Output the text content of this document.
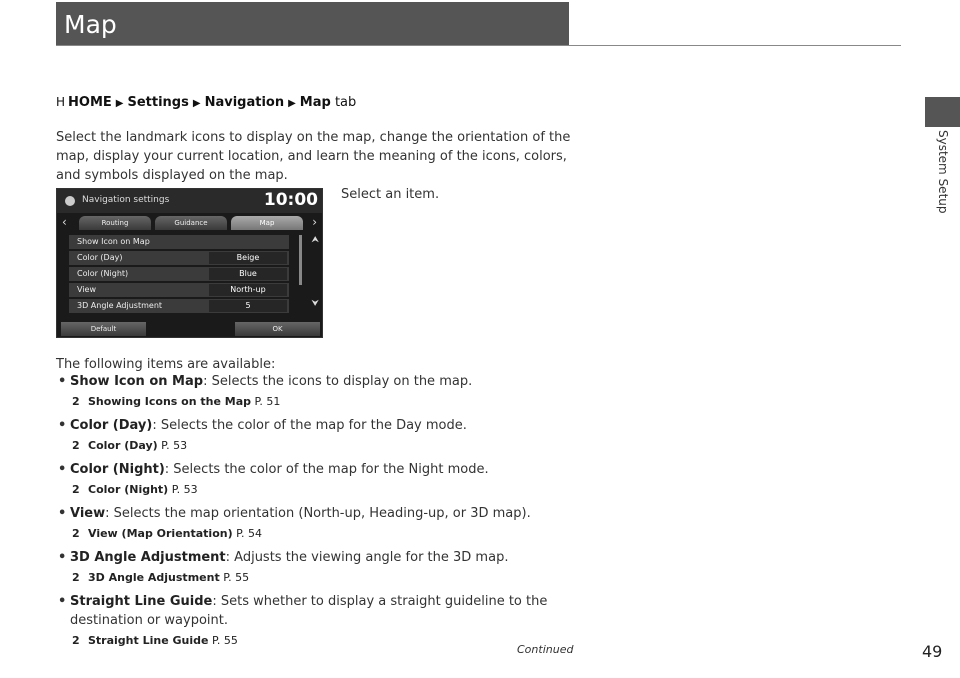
Map
System Setup
H HOME ▶ Settings ▶ Navigation ▶ Map tab

Select the landmark icons to display on the map, change the orientation of the map, display your current location, and learn the meaning of the icons, colors, and symbols displayed on the map.

Select an item.
Navigation settings	10:00
‹	Routing	Guidance	Map	›
Show Icon on Map
Color (Day)	Beige
Color (Night)	Blue
View	North-up
3D Angle Adjustment	5
⮝
⮟
Default	OK
The following items are available:
• Show Icon on Map: Selects the icons to display on the map.
2 Showing Icons on the Map P. 51
• Color (Day): Selects the color of the map for the Day mode.
2 Color (Day) P. 53
• Color (Night): Selects the color of the map for the Night mode.
2 Color (Night) P. 53
• View: Selects the map orientation (North-up, Heading-up, or 3D map).
2 View (Map Orientation) P. 54
• 3D Angle Adjustment: Adjusts the viewing angle for the 3D map.
2 3D Angle Adjustment P. 55
• Straight Line Guide: Sets whether to display a straight guideline to the destination or waypoint.
2 Straight Line Guide P. 55
Continued	49
